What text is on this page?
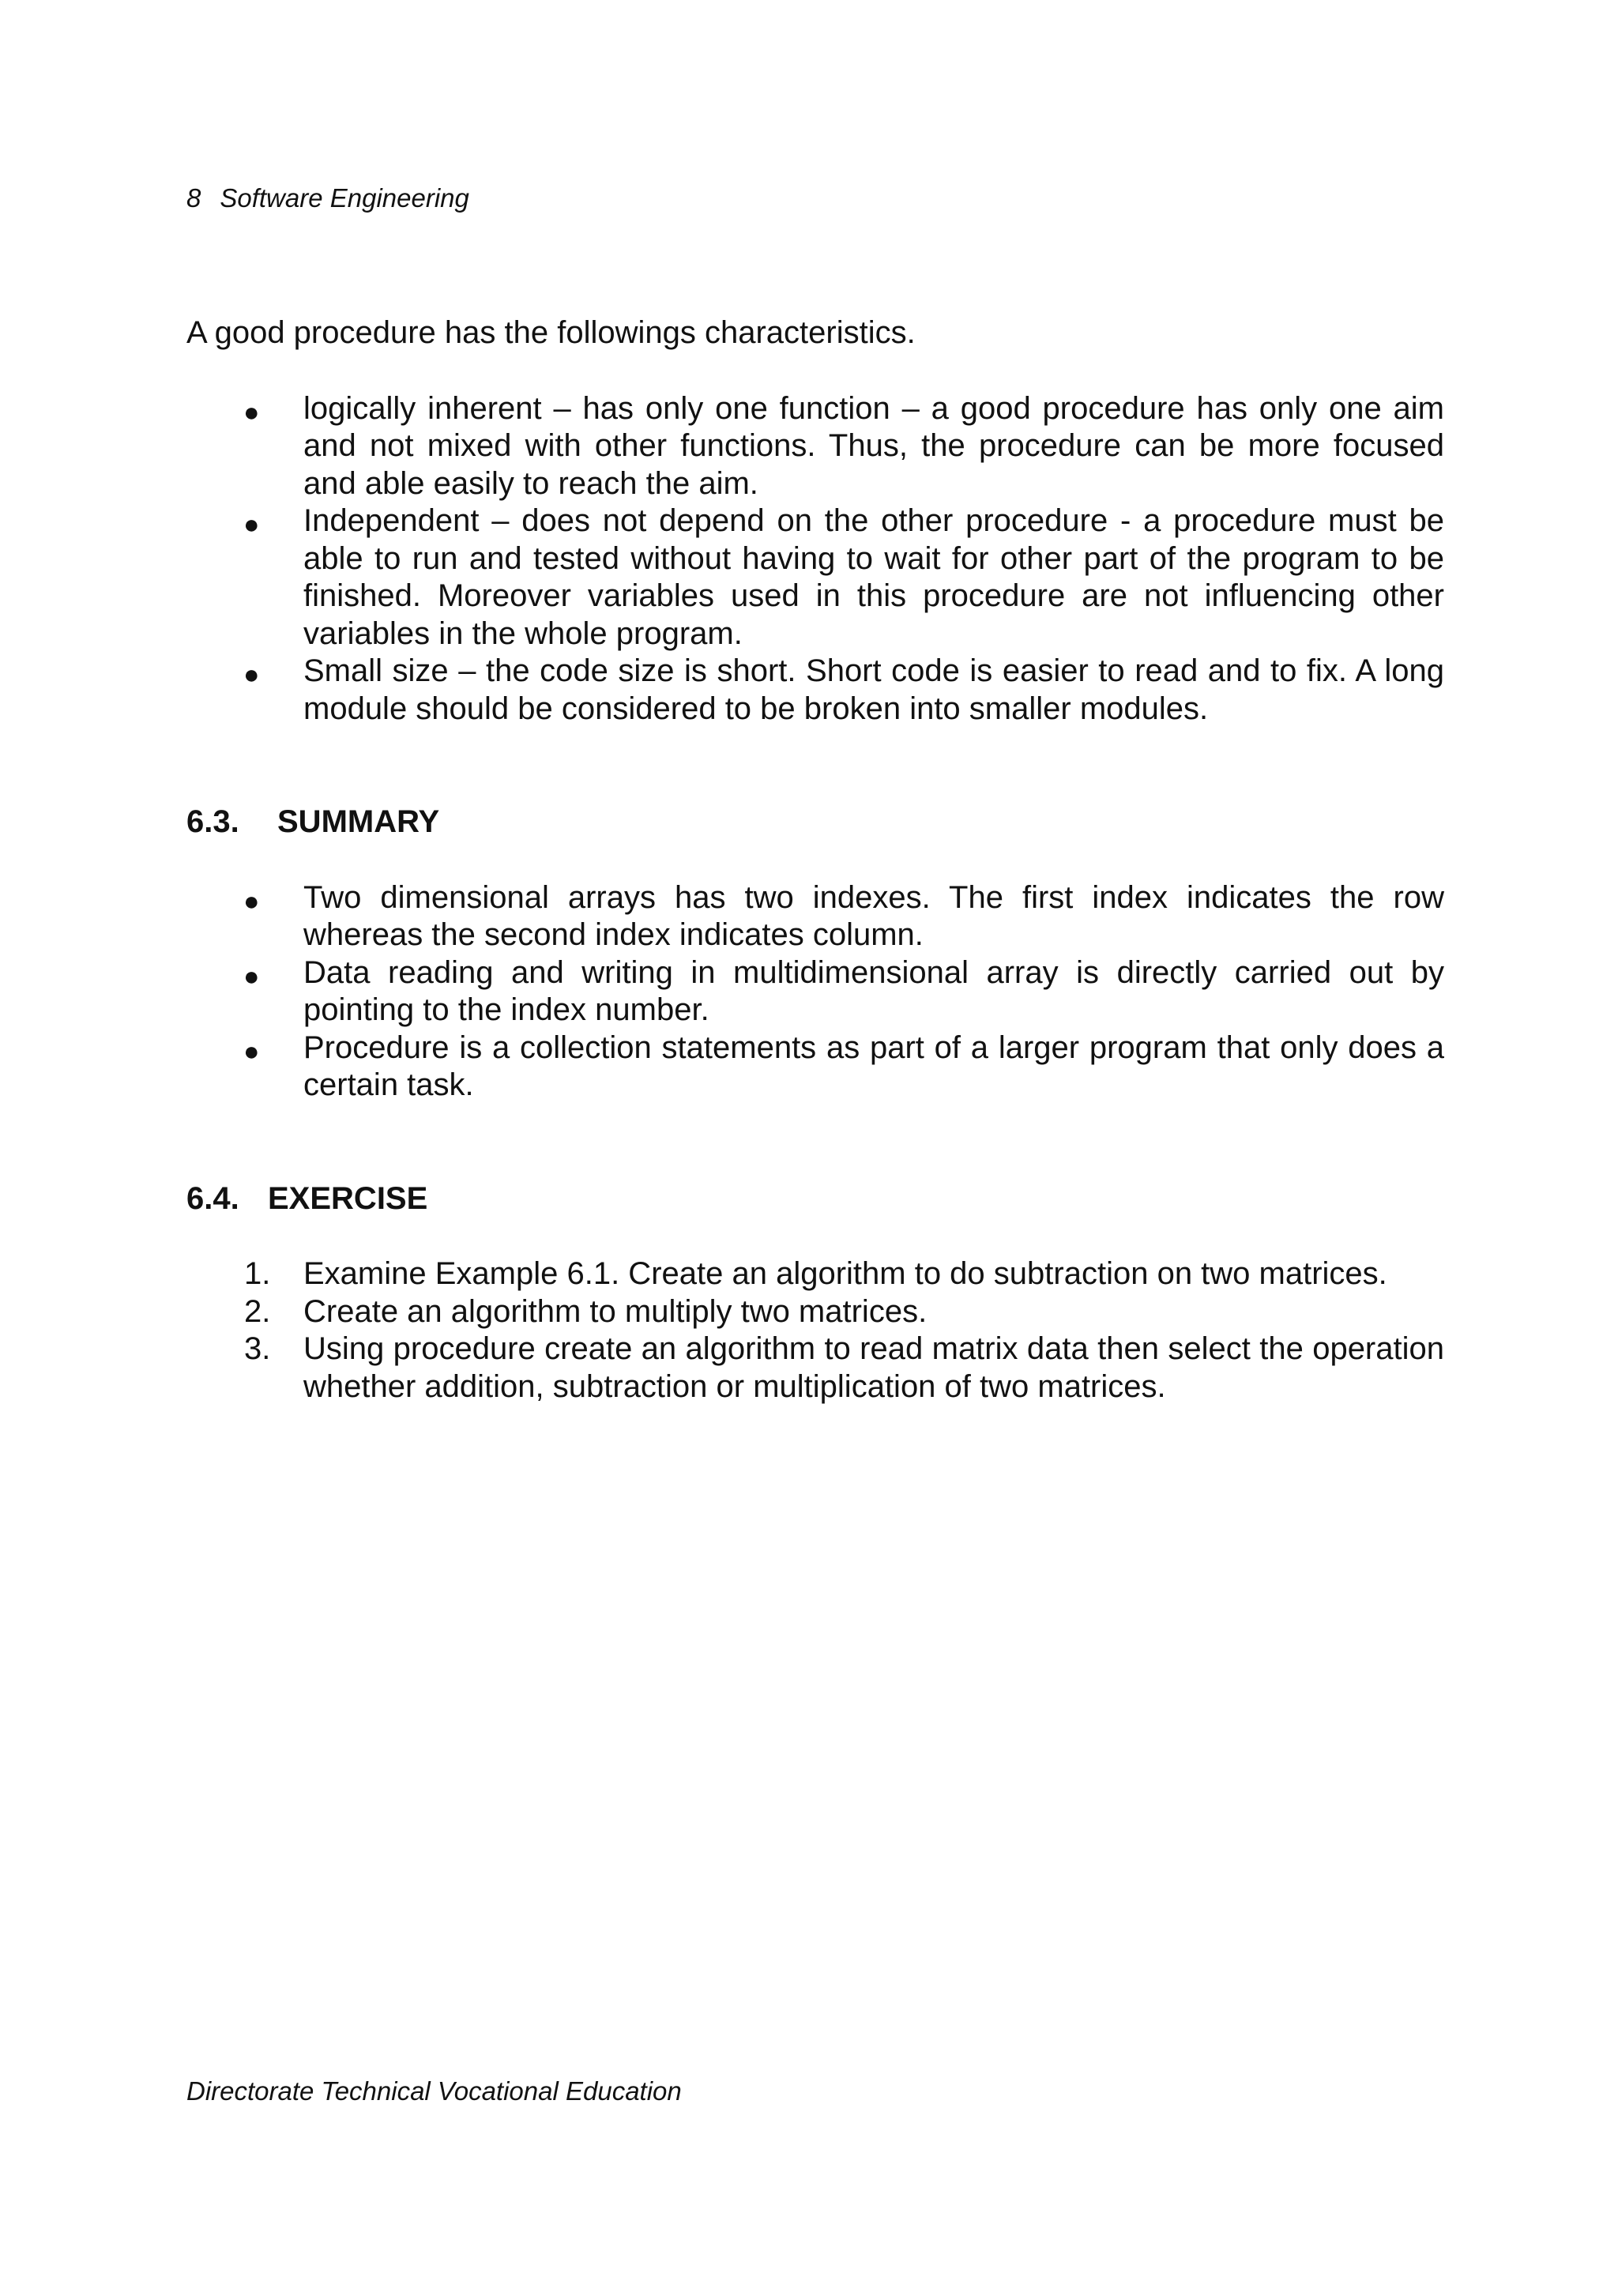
8 Software Engineering

A good procedure has the followings characteristics.

● logically inherent – has only one function – a good procedure has only one aim and not mixed with other functions. Thus, the procedure can be more focused and able easily to reach the aim.
● Independent – does not depend on the other procedure - a procedure must be able to run and tested without having to wait for other part of the program to be finished. Moreover variables used in this procedure are not influencing other variables in the whole program.
● Small size – the code size is short. Short code is easier to read and to fix. A long module should be considered to be broken into smaller modules.
6.3. SUMMARY
● Two dimensional arrays has two indexes. The first index indicates the row whereas the second index indicates column.
● Data reading and writing in multidimensional array is directly carried out by pointing to the index number.
● Procedure is a collection statements as part of a larger program that only does a certain task.
6.4. EXERCISE
1. Examine Example 6.1. Create an algorithm to do subtraction on two matrices.
2. Create an algorithm to multiply two matrices.
3. Using procedure create an algorithm to read matrix data then select the operation whether addition, subtraction or multiplication of two matrices.
Directorate Technical Vocational Education
